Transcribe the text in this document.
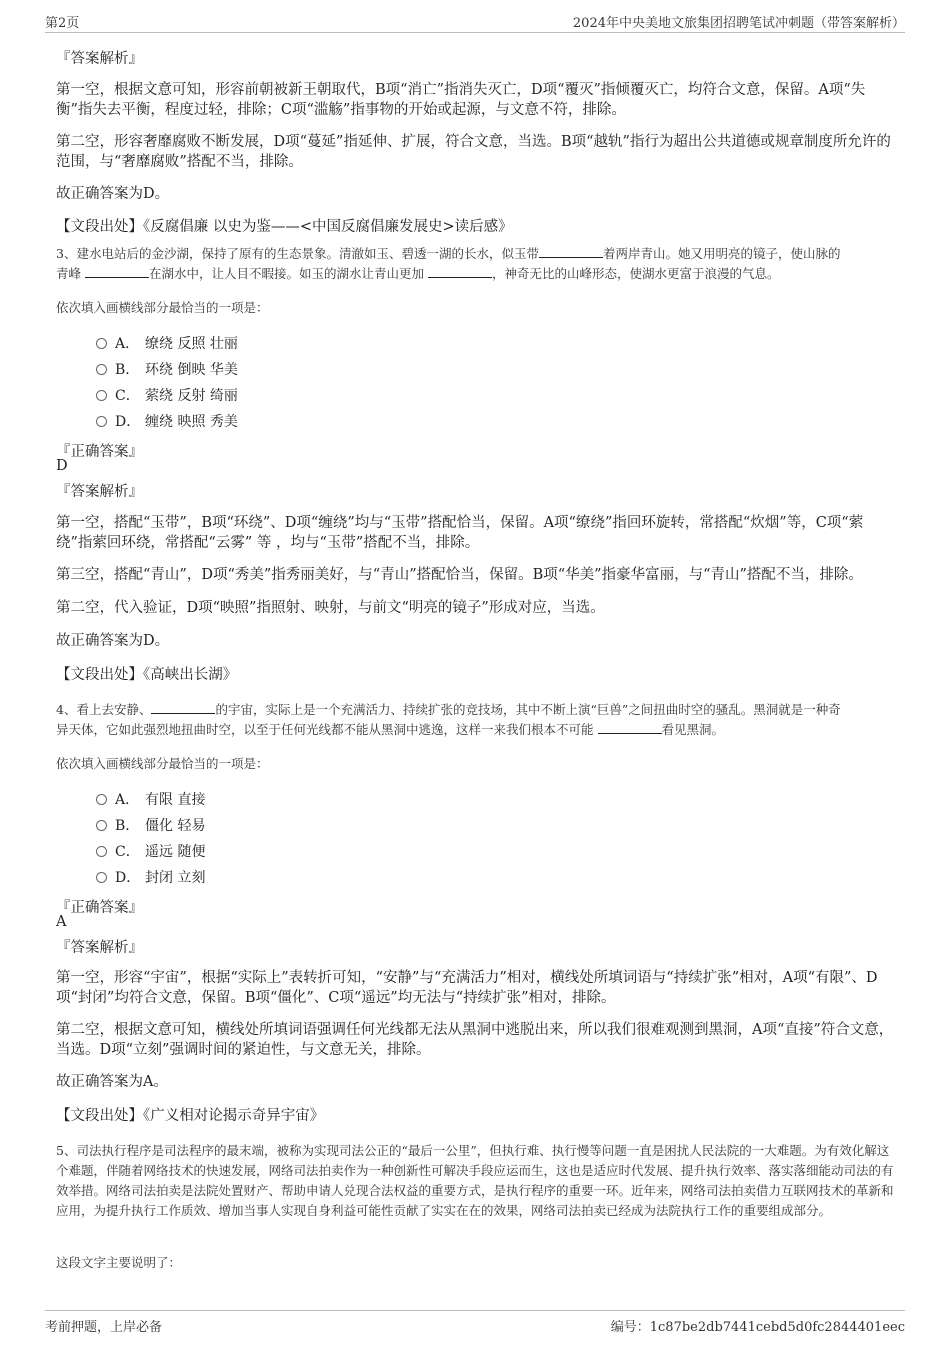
第2页	2024年中央美地文旅集团招聘笔试冲刺题（带答案解析）
『答案解析』
第一空，根据文意可知，形容前朝被新王朝取代，B项“消亡”指消失灭亡，D项“覆灭”指倾覆灭亡，均符合文意，保留。A项“失衡”指失去平衡，程度过轻，排除；C项“滥觞”指事物的开始或起源，与文意不符，排除。
第二空，形容奢靡腐败不断发展，D项“蔓延”指延伸、扩展，符合文意，当选。B项“越轨”指行为超出公共道德或规章制度所允许的范围，与“奢靡腐败”搭配不当，排除。
故正确答案为D。
【文段出处】《反腐倡廉 以史为鉴——<中国反腐倡廉发展史>读后感》
3、建水电站后的金沙湖，保持了原有的生态景象。清澈如玉、碧透一湖的长水，似玉带	着两岸青山。她又用明亮的镜子，使山脉的
青峰	在湖水中，让人目不暇接。如玉的湖水让青山更加	，神奇无比的山峰形态，使湖水更富于浪漫的气息。
依次填入画横线部分最恰当的一项是：
A． 缭绕 反照 壮丽
B． 环绕 倒映 华美
C． 萦绕 反射 绮丽
D． 缠绕 映照 秀美
『正确答案』
D
『答案解析』
第一空，搭配“玉带”，B项“环绕”、D项“缠绕”均与“玉带”搭配恰当，保留。A项“缭绕”指回环旋转，常搭配“炊烟”等，C项“萦绕”指萦回环绕，常搭配“云雾” 等 ，均与“玉带”搭配不当，排除。
第三空，搭配“青山”，D项“秀美”指秀丽美好，与“青山”搭配恰当，保留。B项“华美”指豪华富丽，与“青山”搭配不当，排除。
第二空，代入验证，D项“映照”指照射、映射，与前文“明亮的镜子”形成对应，当选。
故正确答案为D。
【文段出处】《高峡出长湖》
4、看上去安静、	的宇宙，实际上是一个充满活力、持续扩张的竞技场，其中不断上演“巨兽”之间扭曲时空的骚乱。黑洞就是一种奇
异天体，它如此强烈地扭曲时空，以至于任何光线都不能从黑洞中逃逸，这样一来我们根本不可能	看见黑洞。
依次填入画横线部分最恰当的一项是：
A． 有限 直接
B． 僵化 轻易
C． 遥远 随便
D． 封闭 立刻
『正确答案』
A
『答案解析』
第一空，形容“宇宙”，根据“实际上”表转折可知，“安静”与“充满活力”相对，横线处所填词语与“持续扩张”相对，A项“有限”、D项“封闭”均符合文意，保留。B项“僵化”、C项“遥远”均无法与“持续扩张”相对，排除。
第二空，根据文意可知，横线处所填词语强调任何光线都无法从黑洞中逃脱出来，所以我们很难观测到黑洞，A项“直接”符合文意，当选。D项“立刻”强调时间的紧迫性，与文意无关，排除。
故正确答案为A。
【文段出处】《广义相对论揭示奇异宇宙》
5、司法执行程序是司法程序的最末端，被称为实现司法公正的“最后一公里”，但执行难、执行慢等问题一直是困扰人民法院的一大难题。为有效化解这个难题，伴随着网络技术的快速发展，网络司法拍卖作为一种创新性可解决手段应运而生，这也是适应时代发展、提升执行效率、落实落细能动司法的有效举措。网络司法拍卖是法院处置财产、帮助申请人兑现合法权益的重要方式，是执行程序的重要一环。近年来，网络司法拍卖借力互联网技术的革新和应用，为提升执行工作质效、增加当事人实现自身利益可能性贡献了实实在在的效果，网络司法拍卖已经成为法院执行工作的重要组成部分。
这段文字主要说明了：
考前押题，上岸必备	编号：1c87be2db7441cebd5d0fc2844401eec
